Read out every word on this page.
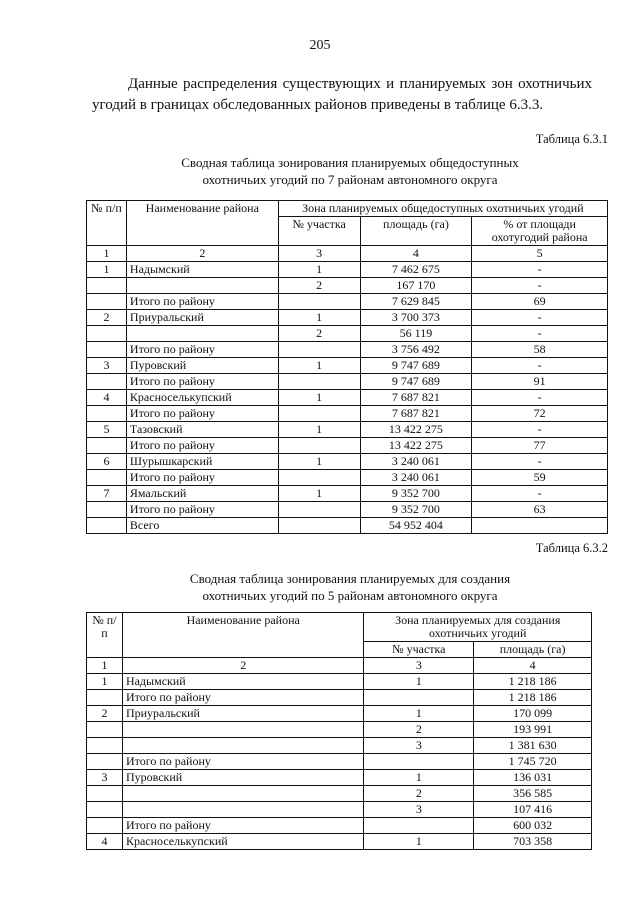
205

Данные распределения существующих и планируемых зон охотничьих угодий в границах обследованных районов приведены в таблице 6.3.3.

Таблица 6.3.1
Сводная таблица зонирования планируемых общедоступных
охотничьих угодий по 7 районам автономного округа
№ п/п	Наименование района	Зона планируемых общедоступных охотничьих угодий		
		№ участка	площадь (га)	% от площади охотугодий района
1	2	3	4	5
1	Надымский	1	7 462 675	-
		2	167 170	-
	Итого по району		7 629 845	69
2	Приуральский	1	3 700 373	-
		2	56 119	-
	Итого по району		3 756 492	58
3	Пуровский	1	9 747 689	-
	Итого по району		9 747 689	91
4	Красноселькупский	1	7 687 821	-
	Итого по району		7 687 821	72
5	Тазовский	1	13 422 275	-
	Итого по району		13 422 275	77
6	Шурышкарский	1	3 240 061	-
	Итого по району		3 240 061	59
7	Ямальский	1	9 352 700	-
	Итого по району		9 352 700	63
	Всего		54 952 404	
Таблица 6.3.2
Сводная таблица зонирования планируемых для создания
охотничьих угодий по 5 районам автономного округа
№ п/п	Наименование района	Зона планируемых для создания охотничьих угодий	
		№ участка	площадь (га)
1	2	3	4
1	Надымский	1	1 218 186
	Итого по району		1 218 186
2	Приуральский	1	170 099
		2	193 991
		3	1 381 630
	Итого по району		1 745 720
3	Пуровский	1	136 031
		2	356 585
		3	107 416
	Итого по району		600 032
4	Красноселькупский	1	703 358
